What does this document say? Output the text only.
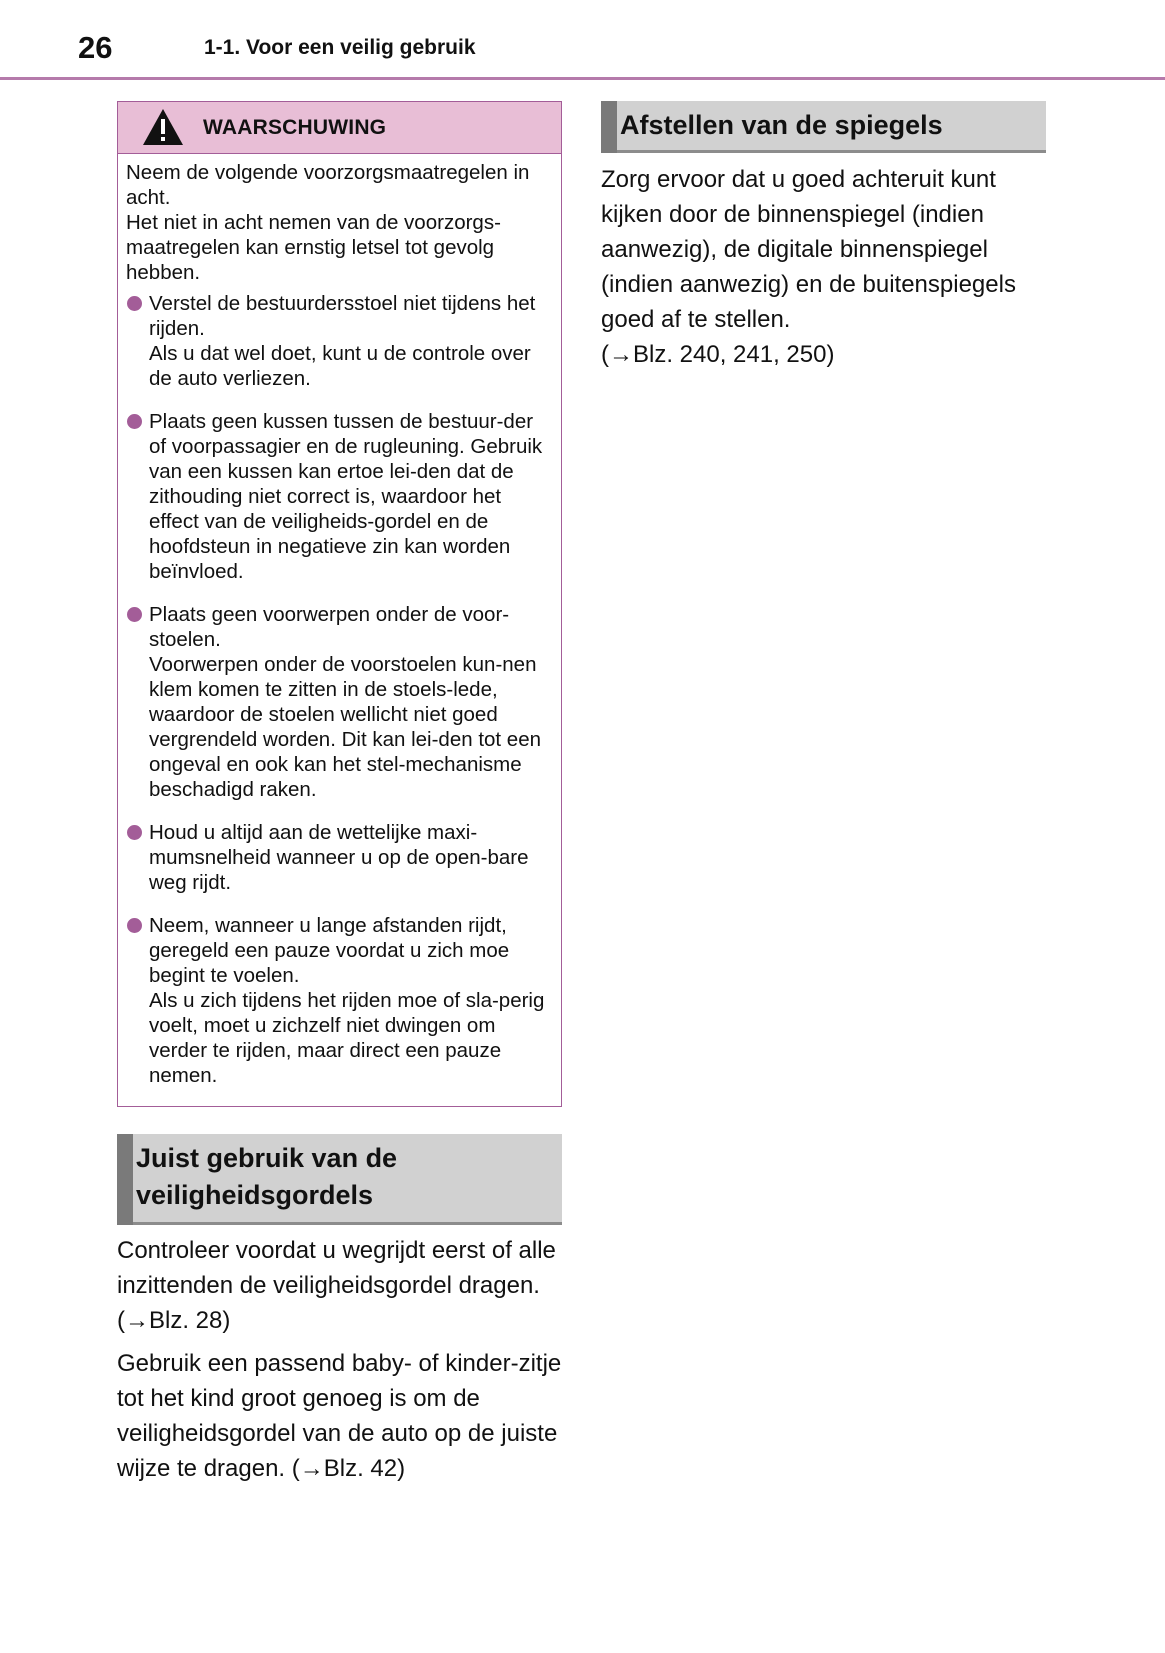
26	1-1. Voor een veilig gebruik
WAARSCHUWING

Neem de volgende voorzorgsmaatregelen in acht.

Het niet in acht nemen van de voorzorgs-maatregelen kan ernstig letsel tot gevolg hebben.

Verstel de bestuurdersstoel niet tijdens het rijden.

Als u dat wel doet, kunt u de controle over de auto verliezen.

Plaats geen kussen tussen de bestuur-der of voorpassagier en de rugleuning. Gebruik van een kussen kan ertoe lei-den dat de zithouding niet correct is, waardoor het effect van de veiligheids-gordel en de hoofdsteun in negatieve zin kan worden beïnvloed.

Plaats geen voorwerpen onder de voor-stoelen.

Voorwerpen onder de voorstoelen kun-nen klem komen te zitten in de stoels-lede, waardoor de stoelen wellicht niet goed vergrendeld worden. Dit kan lei-den tot een ongeval en ook kan het stel-mechanisme beschadigd raken.

Houd u altijd aan de wettelijke maxi-mumsnelheid wanneer u op de open-bare weg rijdt.

Neem, wanneer u lange afstanden rijdt, geregeld een pauze voordat u zich moe begint te voelen.

Als u zich tijdens het rijden moe of sla-perig voelt, moet u zichzelf niet dwingen om verder te rijden, maar direct een pauze nemen.

Juist gebruik van de veiligheidsgordels

Controleer voordat u wegrijdt eerst of alle inzittenden de veiligheidsgordel dragen. (→Blz. 28)

Gebruik een passend baby- of kinder-zitje tot het kind groot genoeg is om de veiligheidsgordel van de auto op de juiste wijze te dragen. (→Blz. 42)

Afstellen van de spiegels

Zorg ervoor dat u goed achteruit kunt kijken door de binnenspiegel (indien aanwezig), de digitale binnenspiegel (indien aanwezig) en de buitenspiegels goed af te stellen.

(→Blz. 240, 241, 250)
